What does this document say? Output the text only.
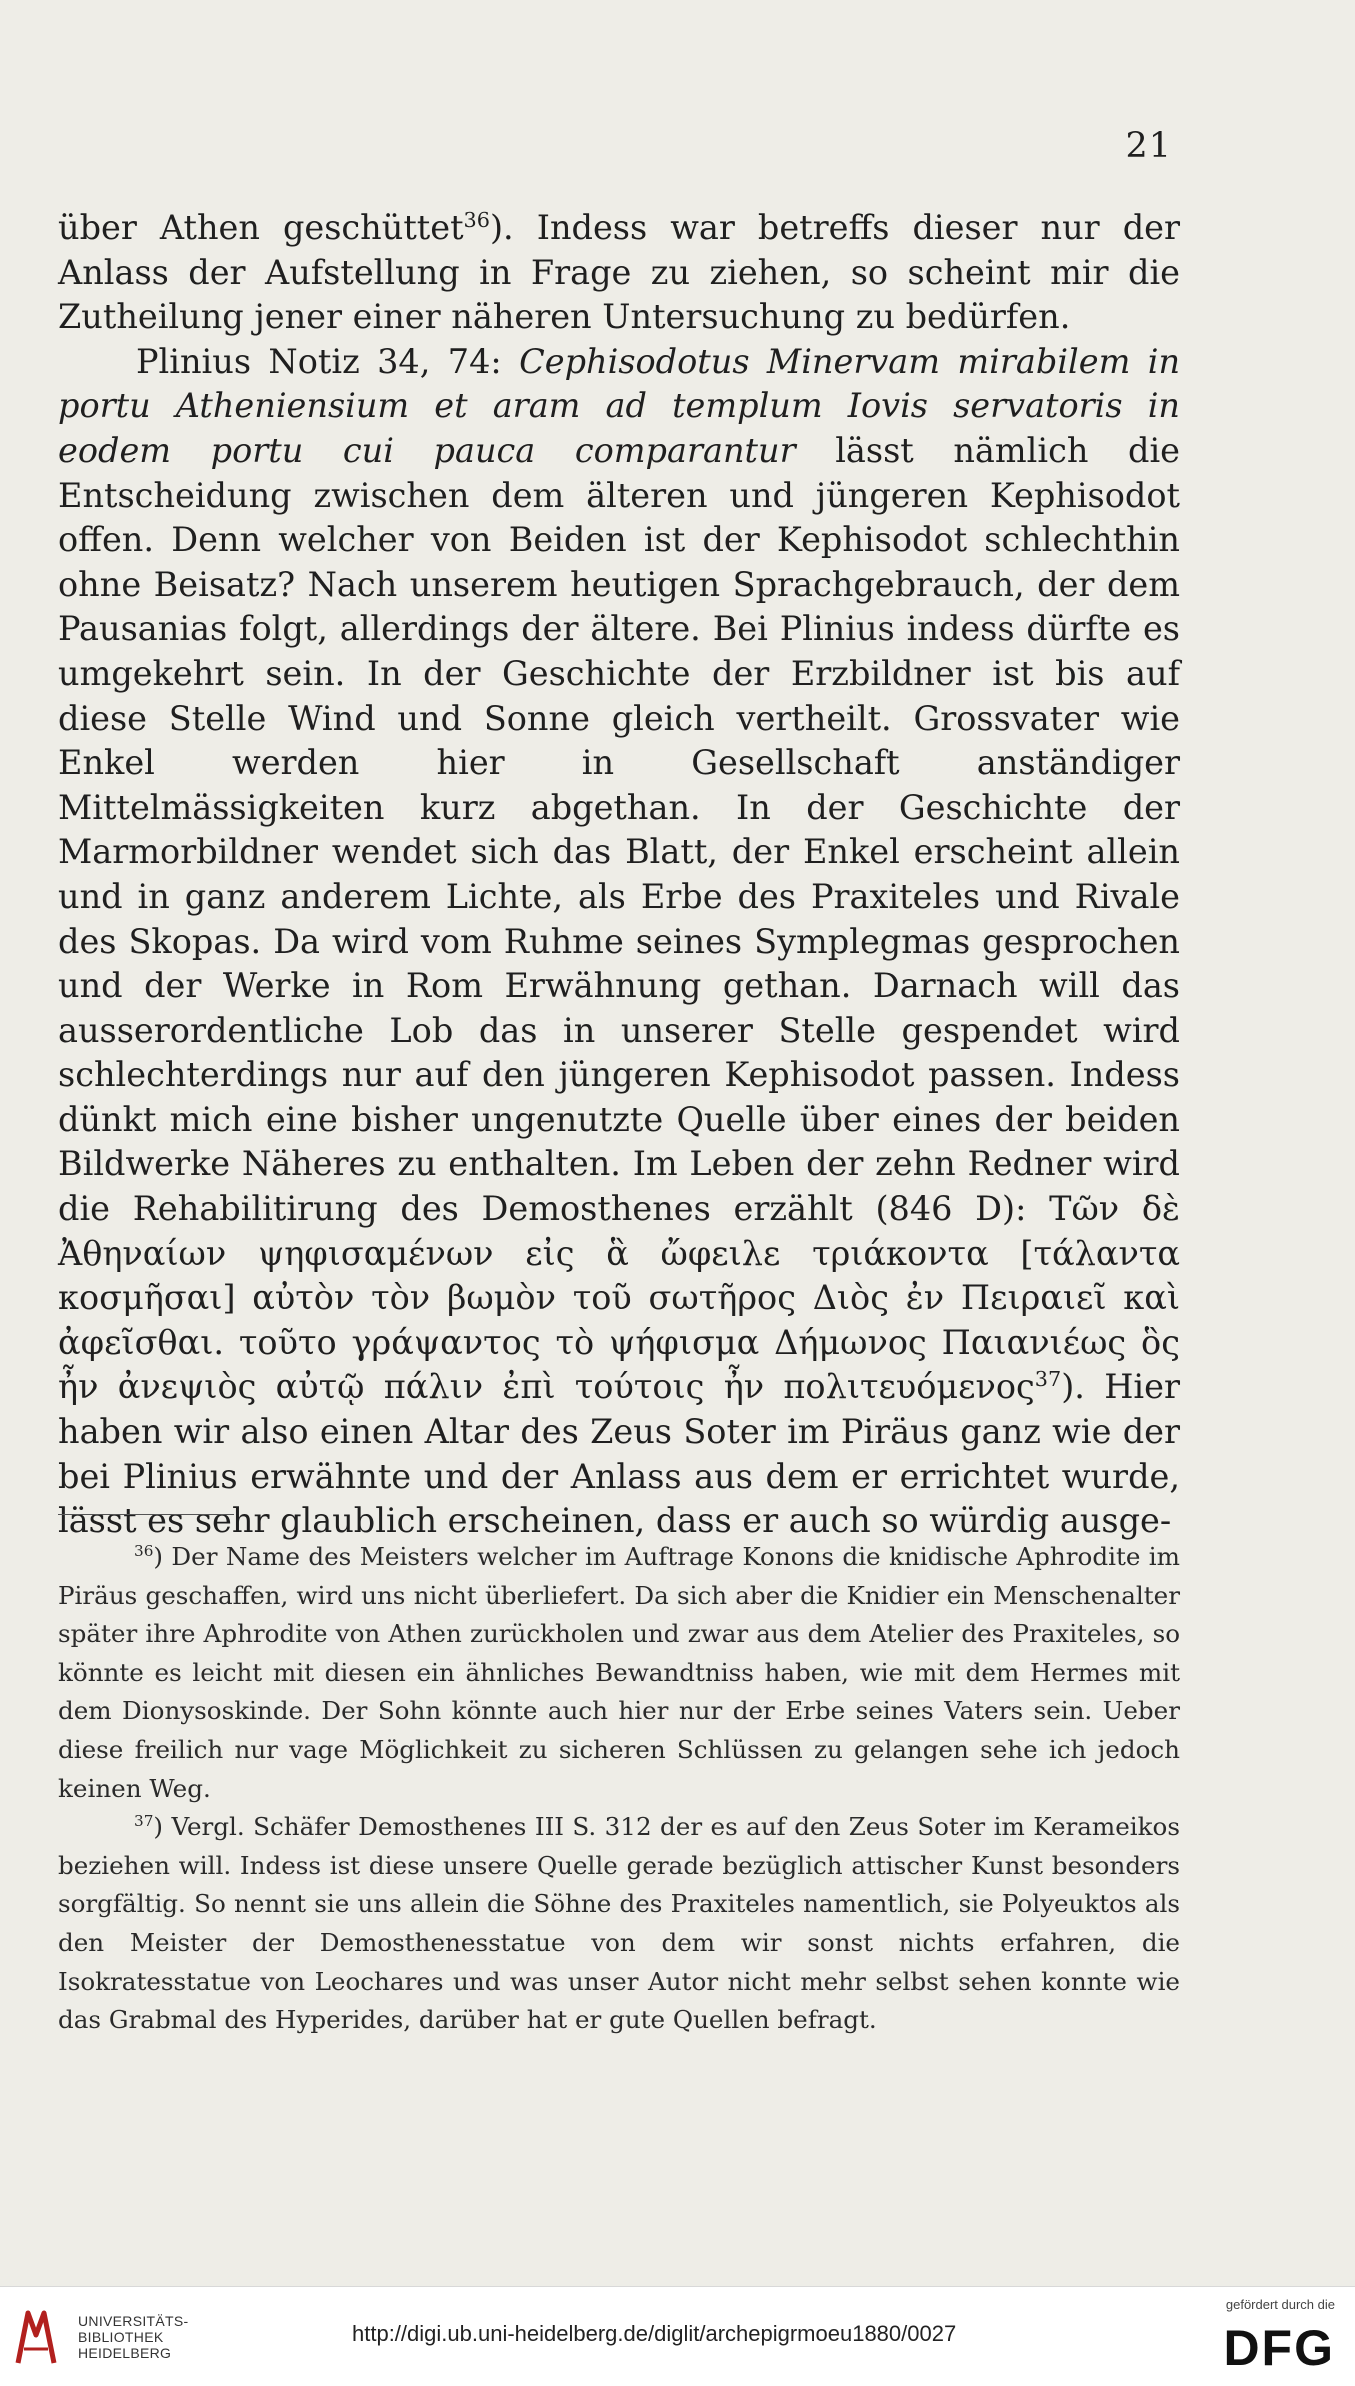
21

über Athen geschüttet$^{36}$). Indess war betreffs dieser nur der Anlass der Aufstellung in Frage zu ziehen, so scheint mir die Zutheilung jener einer näheren Untersuchung zu bedürfen.

Plinius Notiz 34, 74: Cephisodotus Minervam mirabilem in portu Atheniensium et aram ad templum Iovis servatoris in eodem portu cui pauca comparantur lässt nämlich die Entscheidung zwischen dem älteren und jüngeren Kephisodot offen. Denn welcher von Beiden ist der Kephisodot schlechthin ohne Beisatz? Nach unserem heutigen Sprachgebrauch, der dem Pausanias folgt, allerdings der ältere. Bei Plinius indess dürfte es umgekehrt sein. In der Geschichte der Erzbildner ist bis auf diese Stelle Wind und Sonne gleich vertheilt. Grossvater wie Enkel werden hier in Gesellschaft anständiger Mittelmässigkeiten kurz abgethan. In der Geschichte der Marmorbildner wendet sich das Blatt, der Enkel erscheint allein und in ganz anderem Lichte, als Erbe des Praxiteles und Rivale des Skopas. Da wird vom Ruhme seines Symplegmas gesprochen und der Werke in Rom Erwähnung gethan. Darnach will das ausserordentliche Lob das in unserer Stelle gespendet wird schlechterdings nur auf den jüngeren Kephisodot passen. Indess dünkt mich eine bisher ungenutzte Quelle über eines der beiden Bildwerke Näheres zu enthalten. Im Leben der zehn Redner wird die Rehabilitirung des Demosthenes erzählt (846 D): Τῶν δὲ Ἀθηναίων ψηφισαμένων εἰς ἃ ὤφειλε τριάκοντα [τάλαντα κοσμῆσαι] αὐτὸν τὸν βωμὸν τοῦ σωτῆρος Διὸς ἐν Πειραιεῖ καὶ ἀφεῖσθαι. τοῦτο γράψαντος τὸ ψήφισμα Δήμωνος Παιανιέως ὃς ἦν ἀνεψιὸς αὐτῷ πάλιν ἐπὶ τούτοις ἦν πολιτευόμενος$^{37}$). Hier haben wir also einen Altar des Zeus Soter im Piräus ganz wie der bei Plinius erwähnte und der Anlass aus dem er errichtet wurde, lässt es sehr glaublich erscheinen, dass er auch so würdig ausge-

$^{36}$) Der Name des Meisters welcher im Auftrage Konons die knidische Aphrodite im Piräus geschaffen, wird uns nicht überliefert. Da sich aber die Knidier ein Menschenalter später ihre Aphrodite von Athen zurückholen und zwar aus dem Atelier des Praxiteles, so könnte es leicht mit diesen ein ähnliches Bewandtniss haben, wie mit dem Hermes mit dem Dionysoskinde. Der Sohn könnte auch hier nur der Erbe seines Vaters sein. Ueber diese freilich nur vage Möglichkeit zu sicheren Schlüssen zu gelangen sehe ich jedoch keinen Weg.

$^{37}$) Vergl. Schäfer Demosthenes III S. 312 der es auf den Zeus Soter im Kerameikos beziehen will. Indess ist diese unsere Quelle gerade bezüglich attischer Kunst besonders sorgfältig. So nennt sie uns allein die Söhne des Praxiteles namentlich, sie Polyeuktos als den Meister der Demosthenesstatue von dem wir sonst nichts erfahren, die Isokratesstatue von Leochares und was unser Autor nicht mehr selbst sehen konnte wie das Grabmal des Hyperides, darüber hat er gute Quellen befragt.

UNIVERSITÄTS-
BIBLIOTHEK
HEIDELBERG
http://digi.ub.uni-heidelberg.de/diglit/archepigrmoeu1880/0027
gefördert durch die
DFG
